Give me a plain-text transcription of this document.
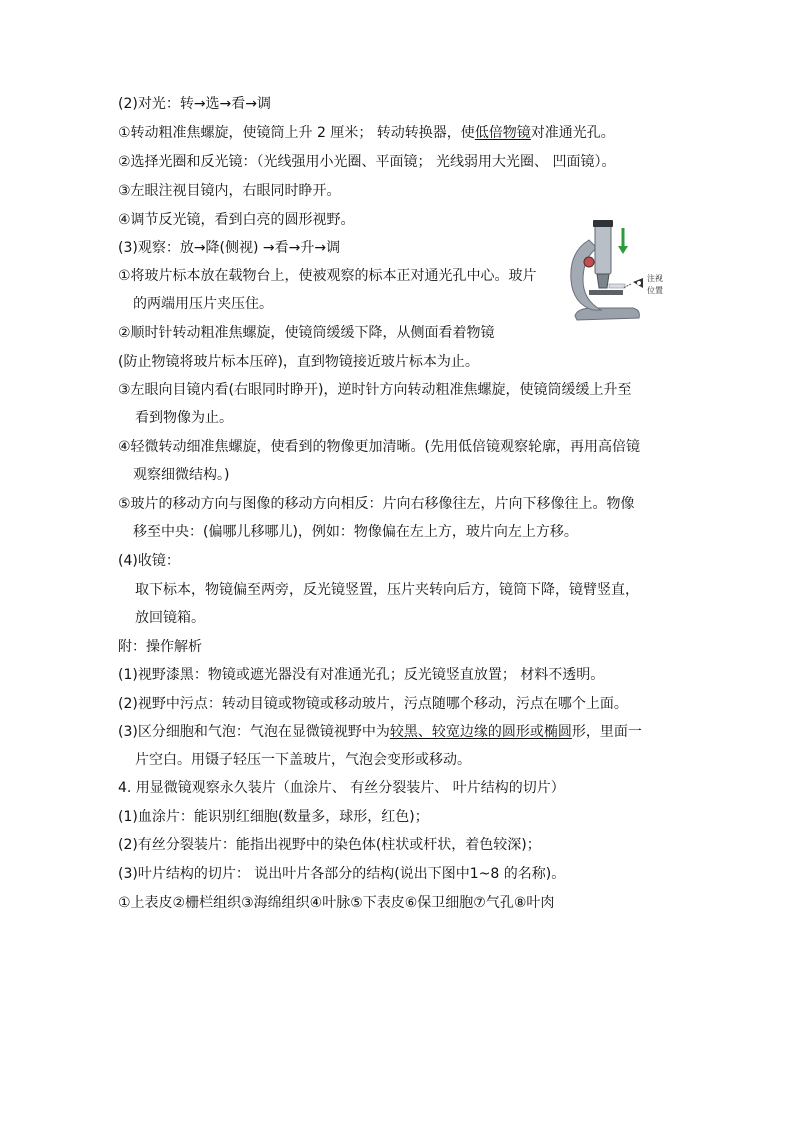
(2)对光：转→选→看→调
①转动粗准焦螺旋，使镜筒上升 2 厘米； 转动转换器，使低倍物镜对准通光孔。
②选择光圈和反光镜：（光线强用小光圈、平面镜； 光线弱用大光圈、 凹面镜）。
③左眼注视目镜内，右眼同时睁开。
④调节反光镜，看到白亮的圆形视野。
(3)观察：放→降(侧视) →看→升→调
①将玻片标本放在载物台上，使被观察的标本正对通光孔中心。玻片
的两端用压片夹压住。
②顺时针转动粗准焦螺旋，使镜筒缓缓下降，从侧面看着物镜
(防止物镜将玻片标本压碎)，直到物镜接近玻片标本为止。
③左眼向目镜内看(右眼同时睁开)，逆时针方向转动粗准焦螺旋，使镜筒缓缓上升至
看到物像为止。
④轻微转动细准焦螺旋，使看到的物像更加清晰。(先用低倍镜观察轮廓，再用高倍镜
观察细微结构。)
⑤玻片的移动方向与图像的移动方向相反：片向右移像往左，片向下移像往上。物像
移至中央：(偏哪儿移哪儿)，例如：物像偏在左上方，玻片向左上方移。
(4)收镜：
取下标本，物镜偏至两旁，反光镜竖置，压片夹转向后方，镜筒下降，镜臂竖直，
放回镜箱。
附：操作解析
(1)视野漆黑：物镜或遮光器没有对准通光孔；反光镜竖直放置； 材料不透明。
(2)视野中污点：转动目镜或物镜或移动玻片，污点随哪个移动，污点在哪个上面。
(3)区分细胞和气泡：气泡在显微镜视野中为较黑、较宽边缘的圆形或椭圆形，里面一
片空白。用镊子轻压一下盖玻片，气泡会变形或移动。
4. 用显微镜观察永久装片（血涂片、 有丝分裂装片、 叶片结构的切片）
(1)血涂片：能识别红细胞(数量多，球形，红色)；
(2)有丝分裂装片：能指出视野中的染色体(柱状或杆状，着色较深)；
(3)叶片结构的切片： 说出叶片各部分的结构(说出下图中1~8 的名称)。
①上表皮②栅栏组织③海绵组织④叶脉⑤下表皮⑥保卫细胞⑦气孔⑧叶肉
注视
位置
